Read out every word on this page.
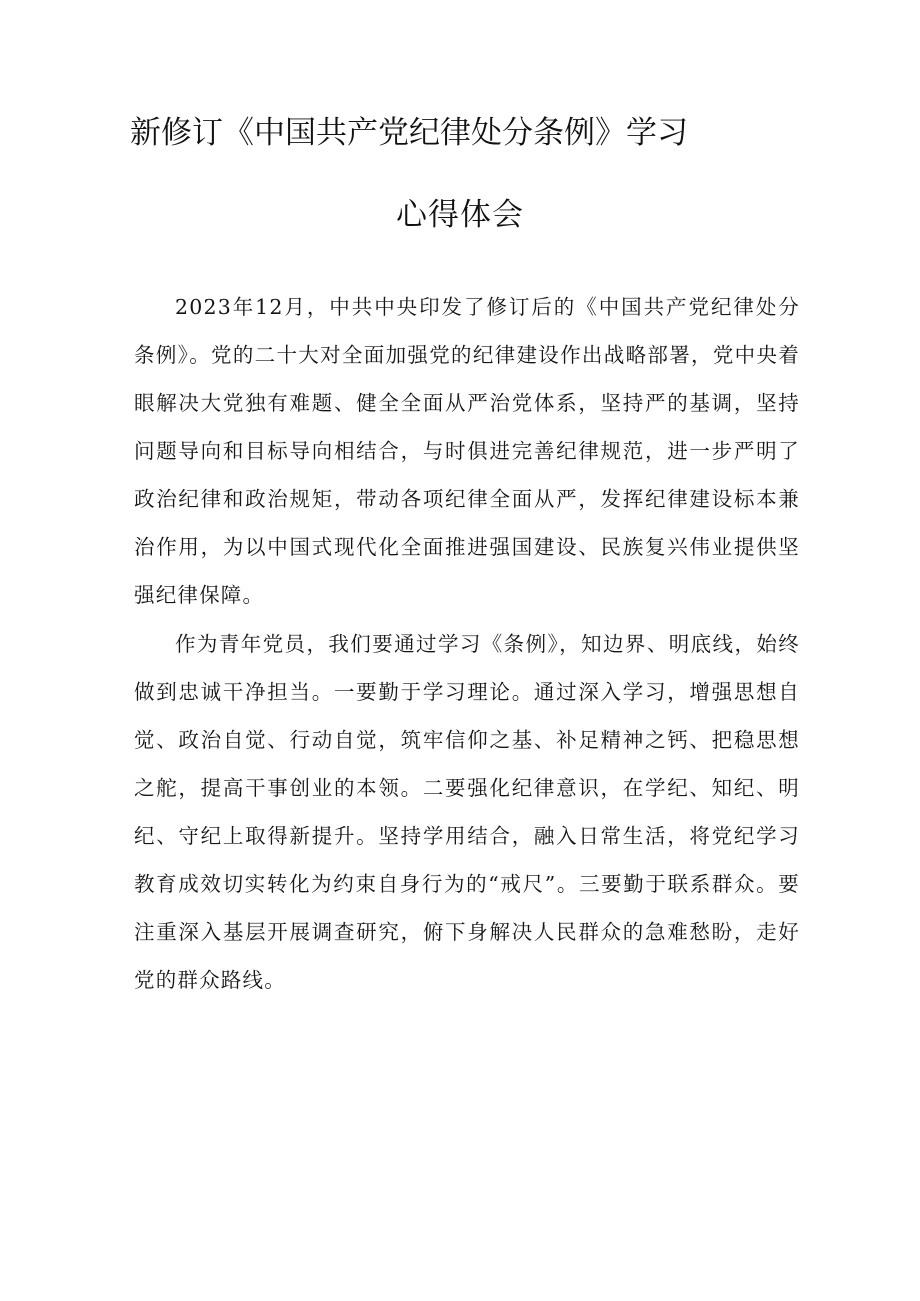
新修订《中国共产党纪律处分条例》学习
心得体会

2023年12月，中共中央印发了修订后的《中国共产党纪律处分条例》。党的二十大对全面加强党的纪律建设作出战略部署，党中央着眼解决大党独有难题、健全全面从严治党体系，坚持严的基调，坚持问题导向和目标导向相结合，与时俱进完善纪律规范，进一步严明了政治纪律和政治规矩，带动各项纪律全面从严，发挥纪律建设标本兼治作用，为以中国式现代化全面推进强国建设、民族复兴伟业提供坚强纪律保障。

作为青年党员，我们要通过学习《条例》，知边界、明底线，始终做到忠诚干净担当。一要勤于学习理论。通过深入学习，增强思想自觉、政治自觉、行动自觉，筑牢信仰之基、补足精神之钙、把稳思想之舵，提高干事创业的本领。二要强化纪律意识，在学纪、知纪、明纪、守纪上取得新提升。坚持学用结合，融入日常生活，将党纪学习教育成效切实转化为约束自身行为的“戒尺”。三要勤于联系群众。要注重深入基层开展调查研究，俯下身解决人民群众的急难愁盼，走好党的群众路线。
